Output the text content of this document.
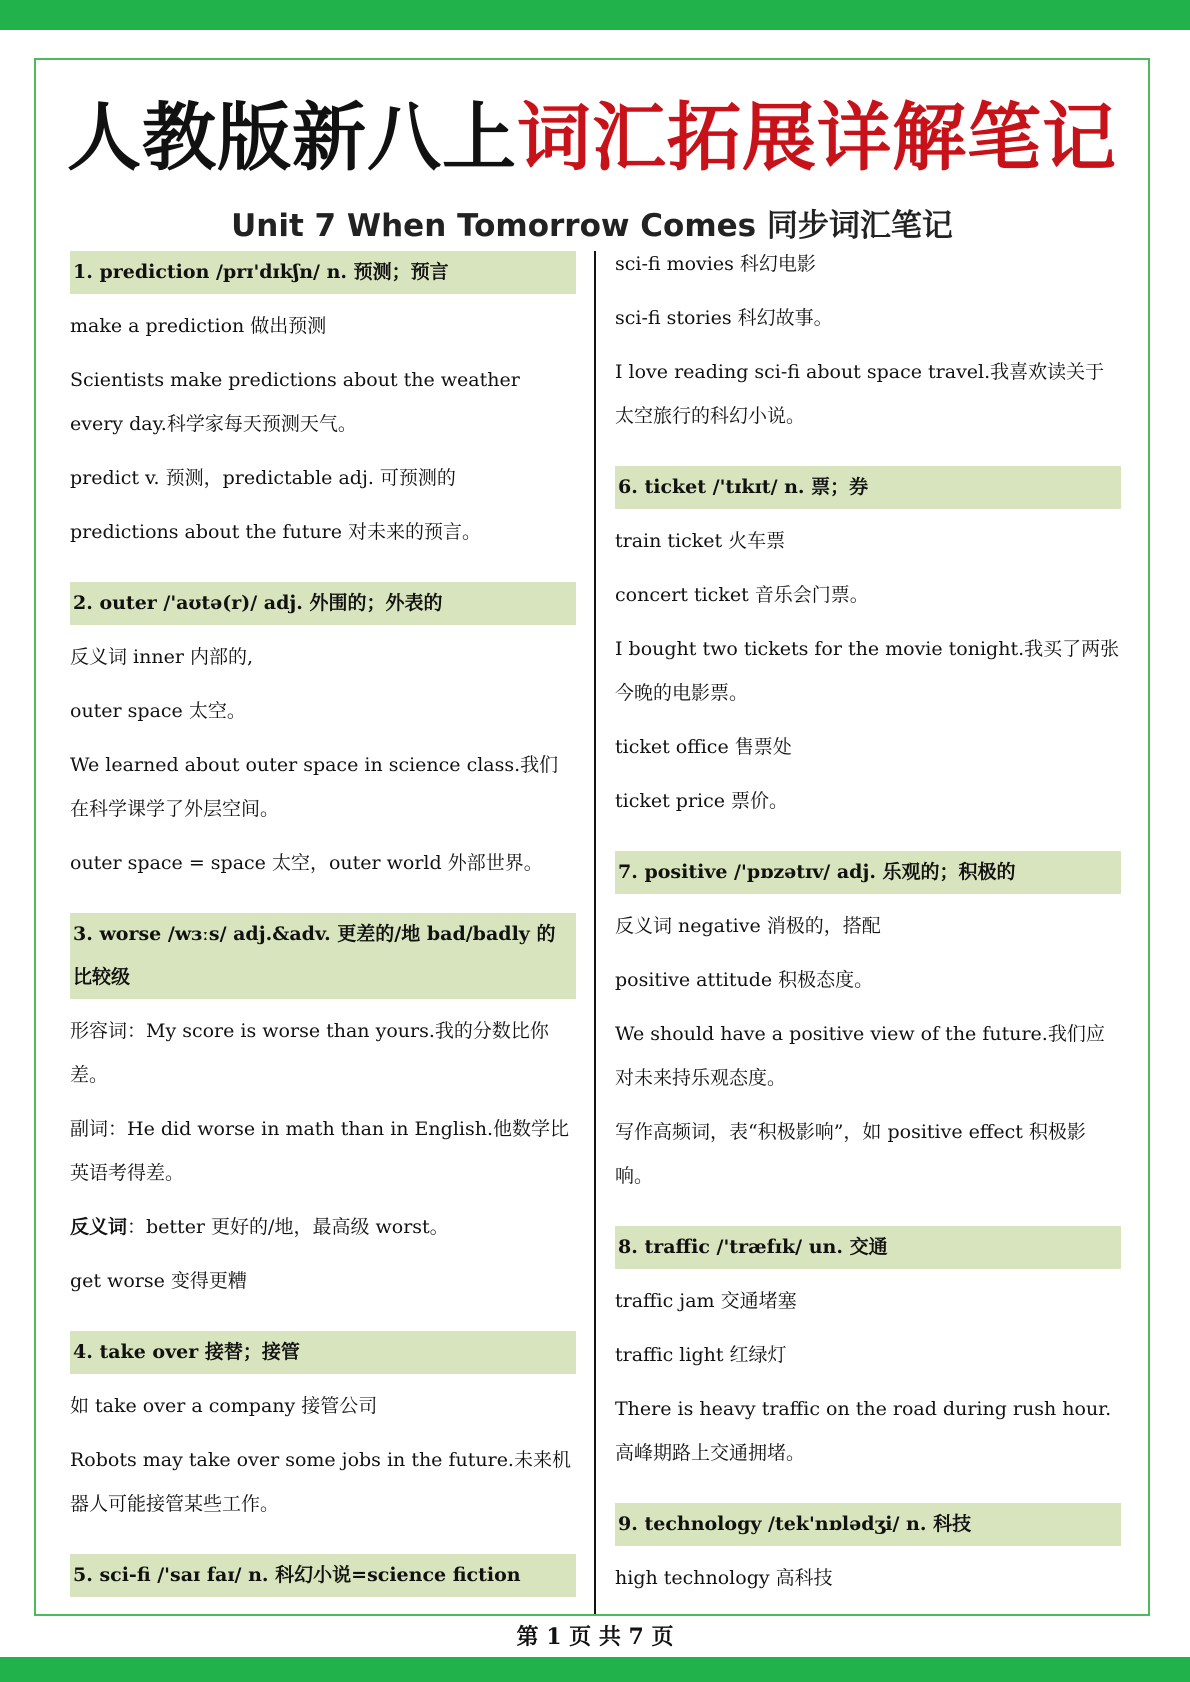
人教版新八上词汇拓展详解笔记
Unit 7 When Tomorrow Comes 同步词汇笔记
1. prediction /prɪ'dɪkʃn/ n. 预测；预言
make a prediction 做出预测
Scientists make predictions about the weather every day.科学家每天预测天气。
predict v. 预测，predictable adj. 可预测的
predictions about the future 对未来的预言。
2. outer /'aʊtə(r)/ adj. 外围的；外表的
反义词 inner 内部的,
outer space 太空。
We learned about outer space in science class.我们在科学课学了外层空间。
outer space = space 太空，outer world 外部世界。
3. worse /wɜːs/ adj.&adv. 更差的/地 bad/badly 的比较级
形容词：My score is worse than yours.我的分数比你差。
副词：He did worse in math than in English.他数学比英语考得差。
反义词：better 更好的/地，最高级 worst。
get worse 变得更糟
4. take over 接替；接管
如 take over a company 接管公司
Robots may take over some jobs in the future.未来机器人可能接管某些工作。
5. sci-fi /'saɪ faɪ/ n. 科幻小说=science fiction
sci-fi movies 科幻电影
sci-fi stories 科幻故事。
I love reading sci-fi about space travel.我喜欢读关于太空旅行的科幻小说。
6. ticket /'tɪkɪt/ n. 票；券
train ticket 火车票
concert ticket 音乐会门票。
I bought two tickets for the movie tonight.我买了两张今晚的电影票。
ticket office 售票处
ticket price 票价。
7. positive /'pɒzətɪv/ adj. 乐观的；积极的
反义词 negative 消极的，搭配
positive attitude 积极态度。
We should have a positive view of the future.我们应对未来持乐观态度。
写作高频词，表“积极影响”，如 positive effect 积极影响。
8. traffic /'træfɪk/ un. 交通
traffic jam 交通堵塞
traffic light 红绿灯
There is heavy traffic on the road during rush hour.高峰期路上交通拥堵。
9. technology /tek'nɒlədʒi/ n. 科技
high technology 高科技
第 1 页 共 7 页
